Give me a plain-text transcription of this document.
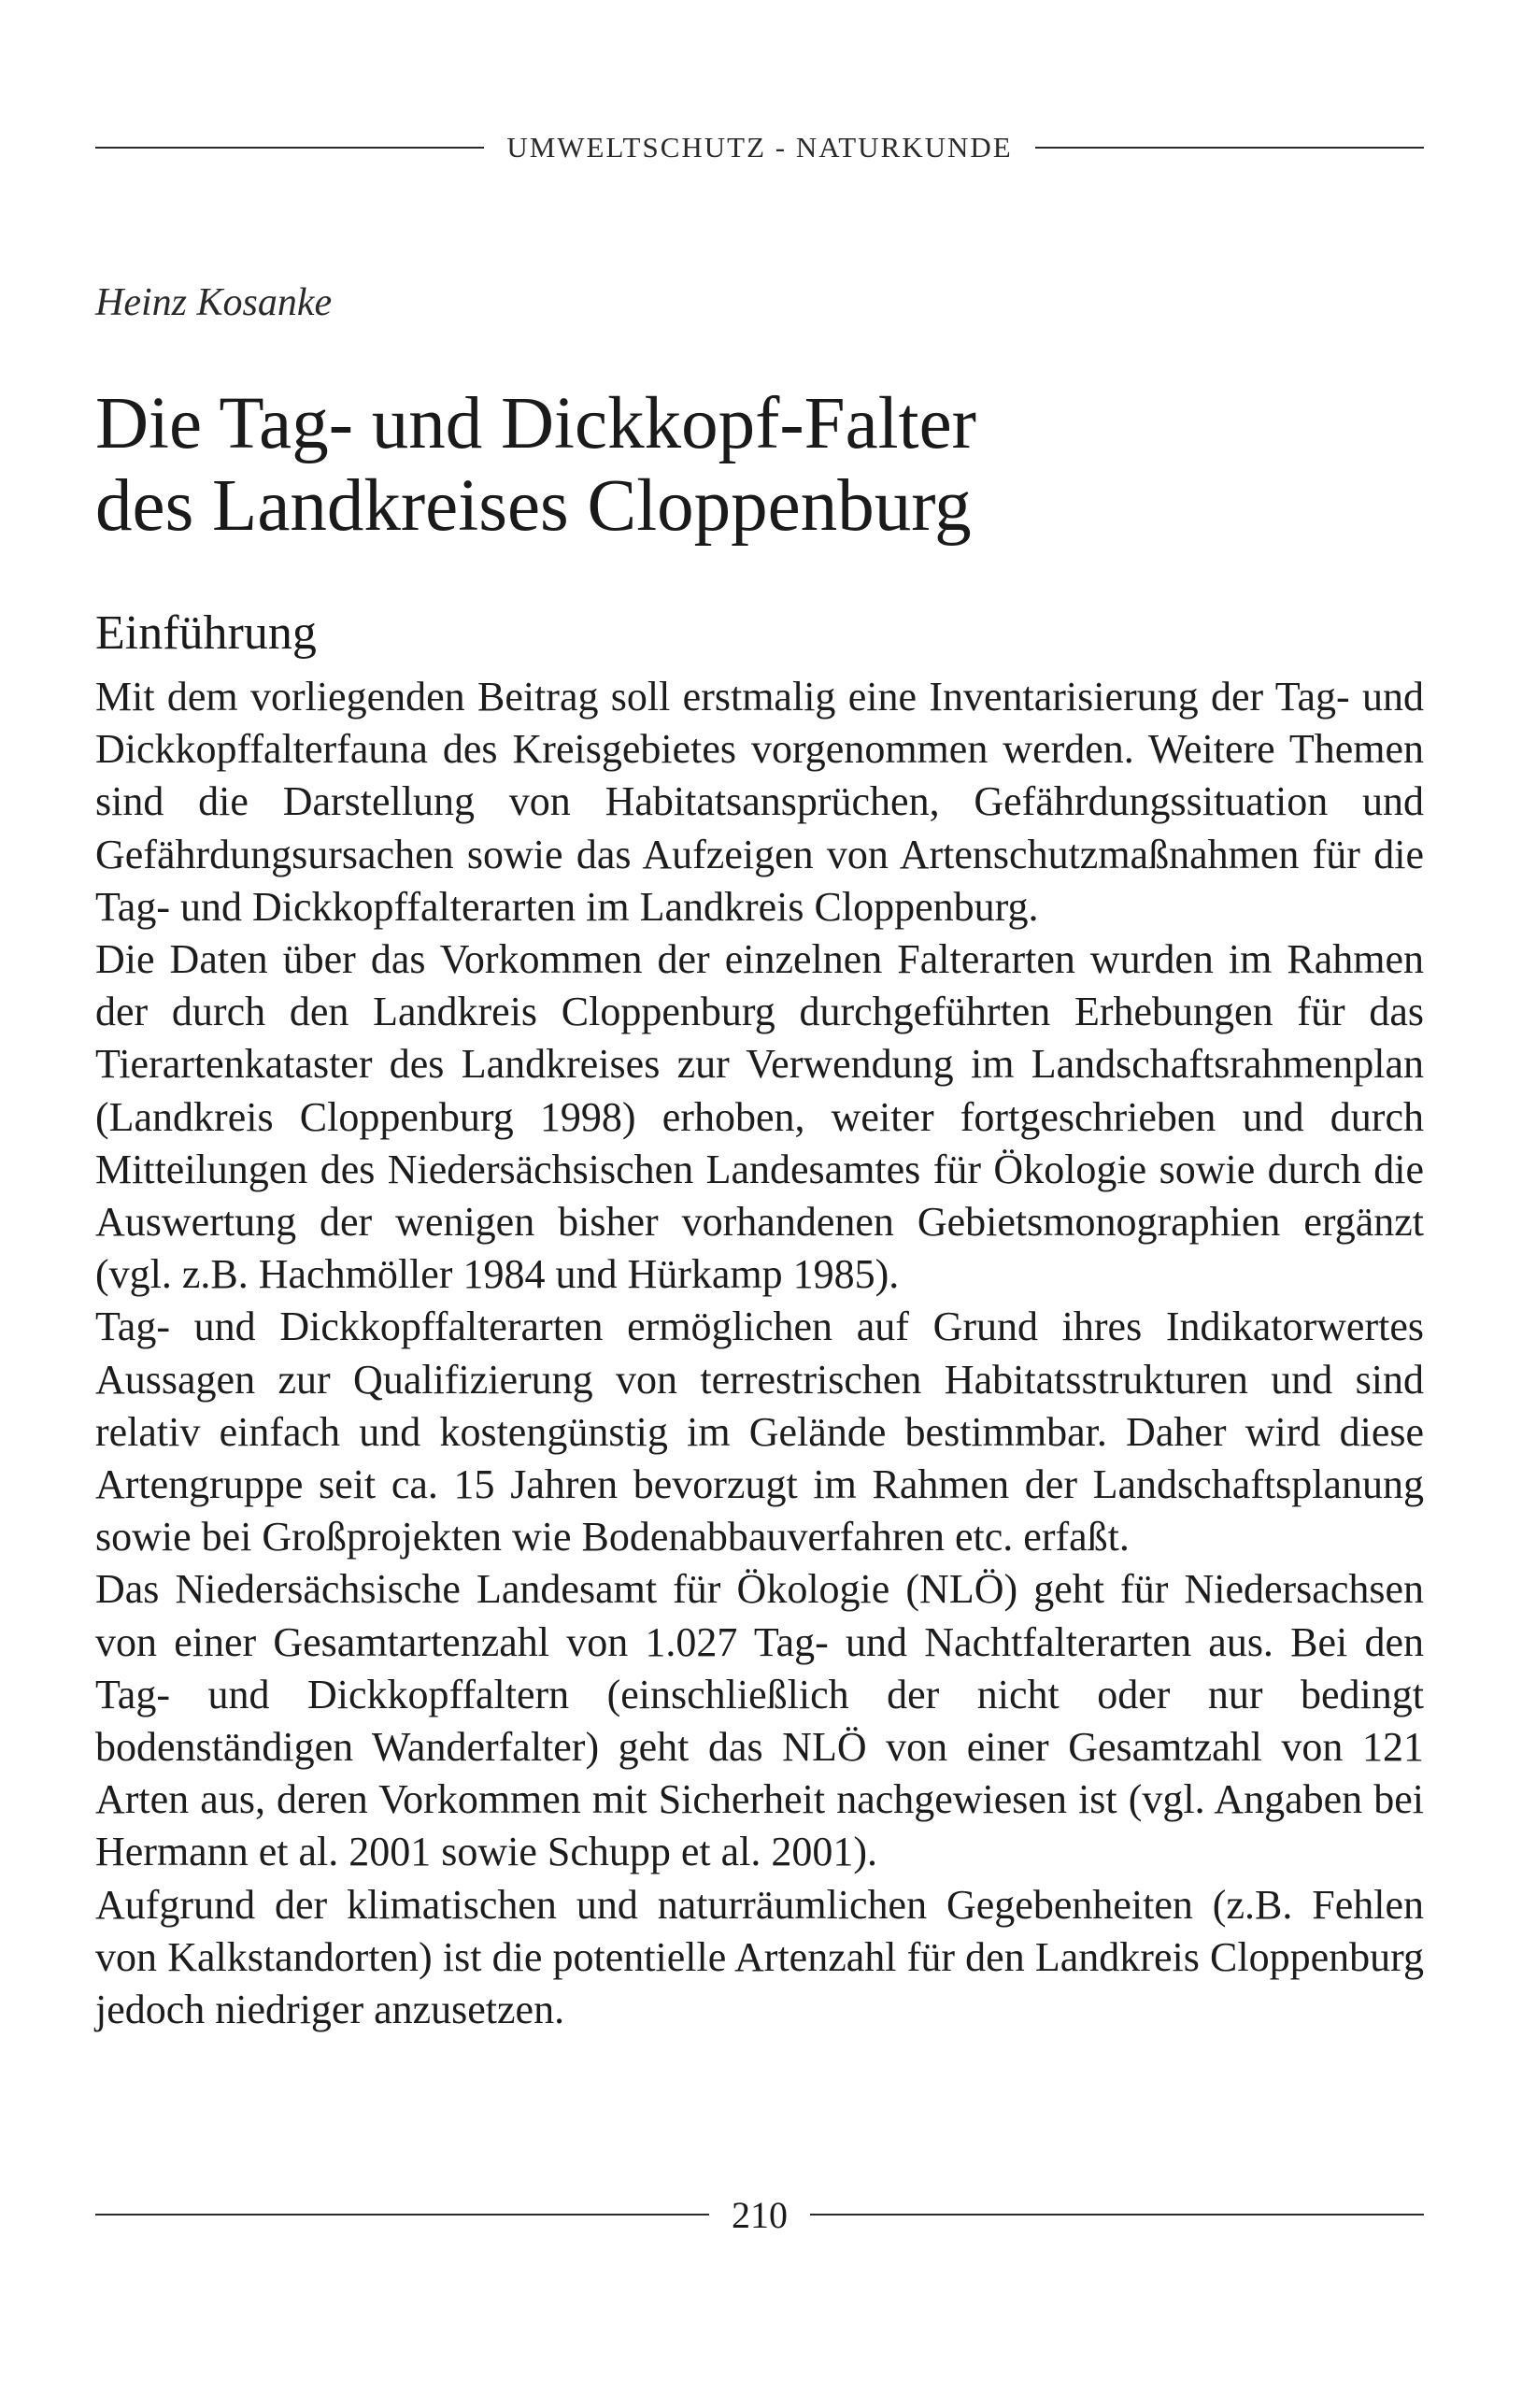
UMWELTSCHUTZ - NATURKUNDE
Heinz Kosanke
Die Tag- und Dickkopf-Falter
des Landkreises Cloppenburg
Einführung

Mit dem vorliegenden Beitrag soll erstmalig eine Inventarisierung der Tag- und Dickkopffalterfauna des Kreisgebietes vorgenommen werden. Weitere Themen sind die Darstellung von Habitatsansprüchen, Gefährdungssituation und Gefährdungsursachen sowie das Aufzeigen von Artenschutzmaßnahmen für die Tag- und Dickkopffalterarten im Landkreis Cloppenburg.

Die Daten über das Vorkommen der einzelnen Falterarten wurden im Rahmen der durch den Landkreis Cloppenburg durchgeführten Erhebungen für das Tierartenkataster des Landkreises zur Verwendung im Landschaftsrahmenplan (Landkreis Cloppenburg 1998) erhoben, weiter fortgeschrieben und durch Mitteilungen des Niedersächsischen Landesamtes für Ökologie sowie durch die Auswertung der wenigen bisher vorhandenen Gebietsmonographien ergänzt (vgl. z.B. Hachmöller 1984 und Hürkamp 1985).

Tag- und Dickkopffalterarten ermöglichen auf Grund ihres Indikatorwertes Aussagen zur Qualifizierung von terrestrischen Habitatsstrukturen und sind relativ einfach und kostengünstig im Gelände bestimmbar. Daher wird diese Artengruppe seit ca. 15 Jahren bevorzugt im Rahmen der Landschaftsplanung sowie bei Großprojekten wie Bodenabbauverfahren etc. erfaßt.

Das Niedersächsische Landesamt für Ökologie (NLÖ) geht für Niedersachsen von einer Gesamtartenzahl von 1.027 Tag- und Nachtfalterarten aus. Bei den Tag- und Dickkopffaltern (einschließlich der nicht oder nur bedingt bodenständigen Wanderfalter) geht das NLÖ von einer Gesamtzahl von 121 Arten aus, deren Vorkommen mit Sicherheit nachgewiesen ist (vgl. Angaben bei Hermann et al. 2001 sowie Schupp et al. 2001).

Aufgrund der klimatischen und naturräumlichen Gegebenheiten (z.B. Fehlen von Kalkstandorten) ist die potentielle Artenzahl für den Landkreis Cloppenburg jedoch niedriger anzusetzen.

210
